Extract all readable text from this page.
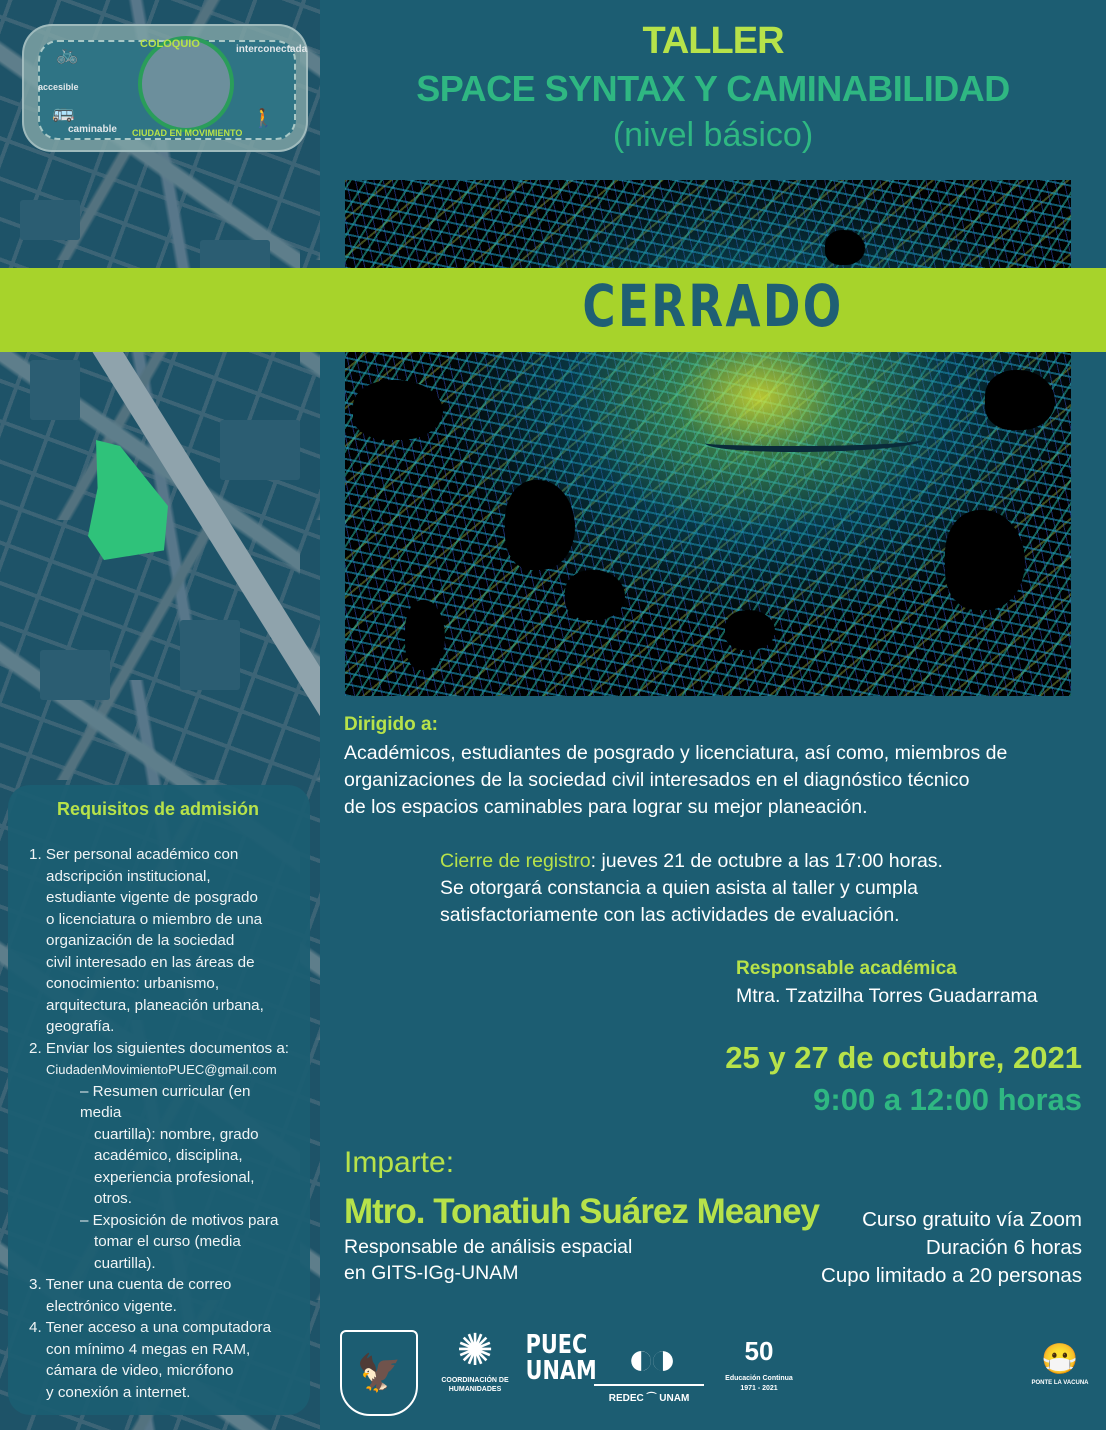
COLOQUIO
CIUDAD EN MOVIMIENTO
interconectada
accesible
caminable
🚲
🚌	🚶
Requisitos de admisión
1. Ser personal académico con
adscripción institucional,
estudiante vigente de posgrado
o licenciatura o miembro de una
organización de la sociedad
civil interesado en las áreas de
conocimiento: urbanismo,
arquitectura, planeación urbana,
geografía.
2. Enviar los siguientes documentos a:
CiudadenMovimientoPUEC@gmail.com
– Resumen curricular (en media
cuartilla): nombre, grado
académico, disciplina,
experiencia profesional,
otros.
– Exposición de motivos para
tomar el curso (media
cuartilla).
3. Tener una cuenta de correo
electrónico vigente.
4. Tener acceso a una computadora
con mínimo 4 megas en RAM,
cámara de video, micrófono
y conexión a internet.
TALLER
SPACE SYNTAX Y CAMINABILIDAD
(nivel básico)
CERRADO
Dirigido a:
Académicos, estudiantes de posgrado y licenciatura, así como, miembros de
organizaciones de la sociedad civil interesados en el diagnóstico técnico
de los espacios caminables para lograr su mejor planeación.
Cierre de registro: jueves 21 de octubre a las 17:00 horas.
Se otorgará constancia a quien asista al taller y cumpla
satisfactoriamente con las actividades de evaluación.
Responsable académica
Mtra. Tzatzilha Torres Guadarrama
25 y 27 de octubre, 2021
9:00 a 12:00 horas
Imparte:
Mtro. Tonatiuh Suárez Meaney
Responsable de análisis espacial
en GITS-IGg-UNAM
Curso gratuito vía Zoom
Duración 6 horas
Cupo limitado a 20 personas
🦅	✺
COORDINACIÓN DE HUMANIDADES
PUEC
UNAM ◐◑
REDEC ⌒ UNAM
50
Educación Continua
1971 - 2021
😷
PONTE LA VACUNA
